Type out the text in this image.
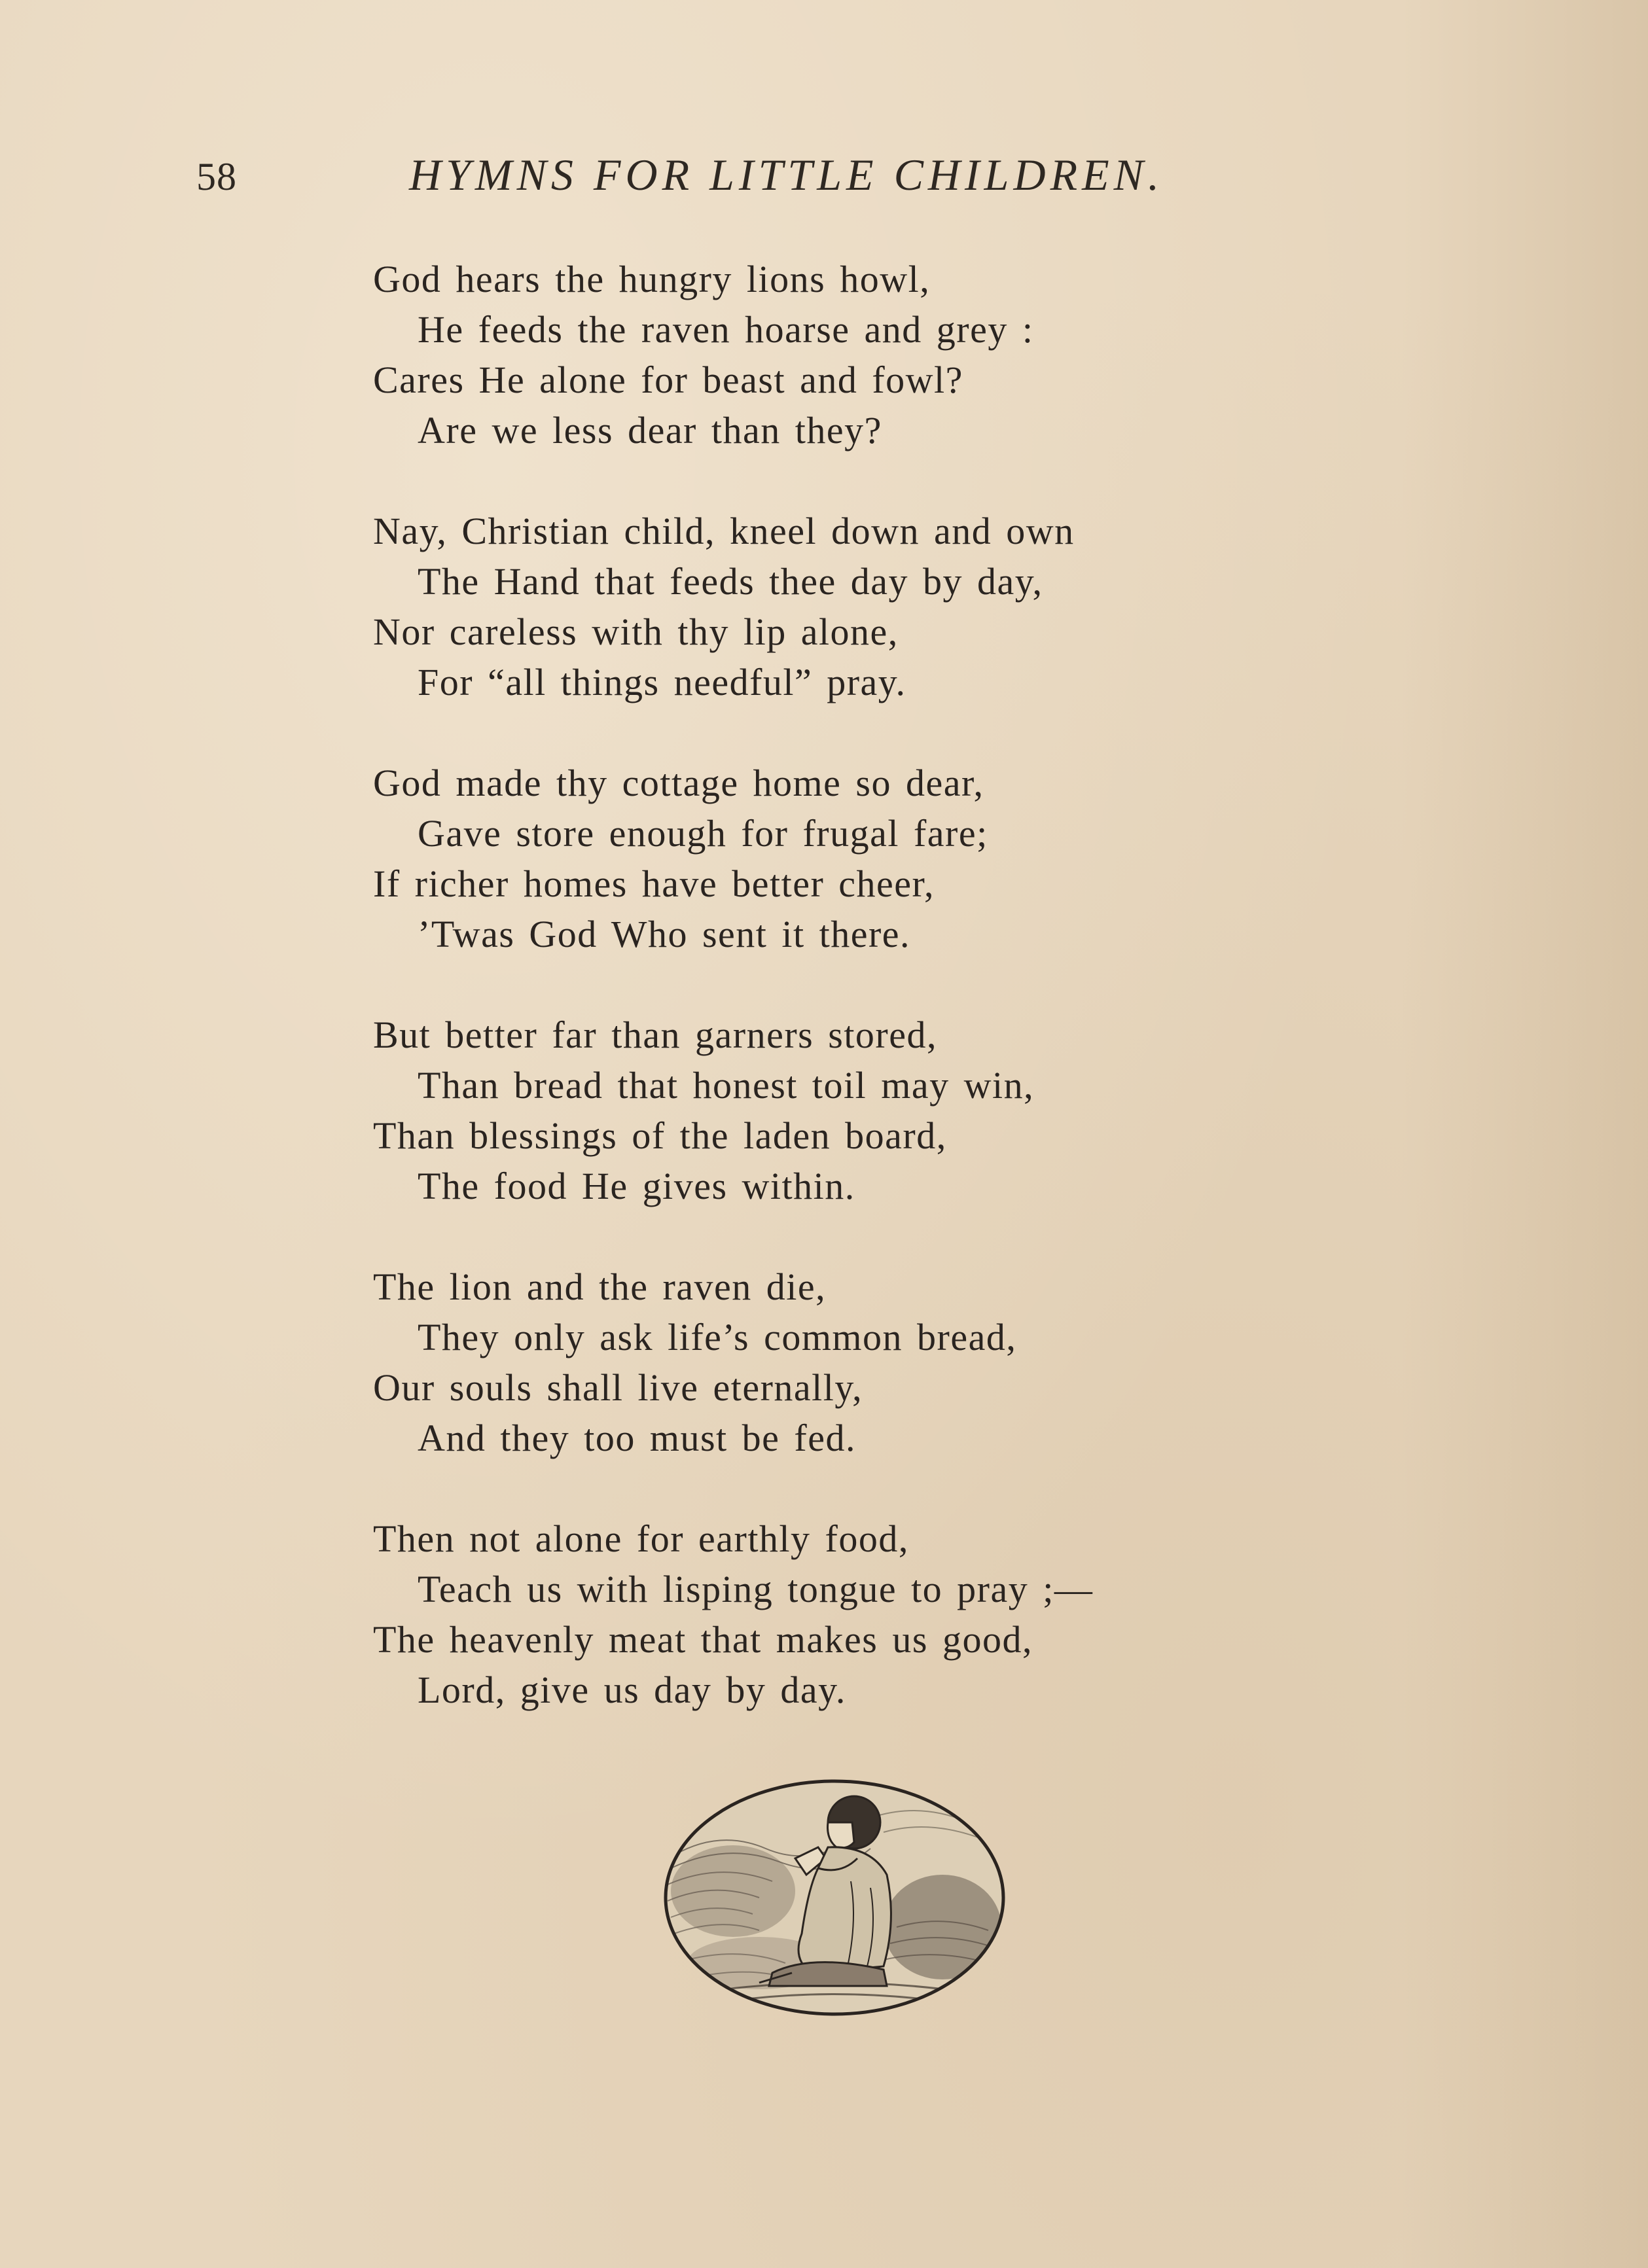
58	HYMNS FOR LITTLE CHILDREN.
God hears the hungry lions howl,
He feeds the raven hoarse and grey :
Cares He alone for beast and fowl?
Are we less dear than they?
Nay, Christian child, kneel down and own
The Hand that feeds thee day by day,
Nor careless with thy lip alone,
For “all things needful” pray.
God made thy cottage home so dear,
Gave store enough for frugal fare;
If richer homes have better cheer,
’Twas God Who sent it there.
But better far than garners stored,
Than bread that honest toil may win,
Than blessings of the laden board,
The food He gives within.
The lion and the raven die,
They only ask life’s common bread,
Our souls shall live eternally,
And they too must be fed.
Then not alone for earthly food,
Teach us with lisping tongue to pray ;—
The heavenly meat that makes us good,
Lord, give us day by day.
